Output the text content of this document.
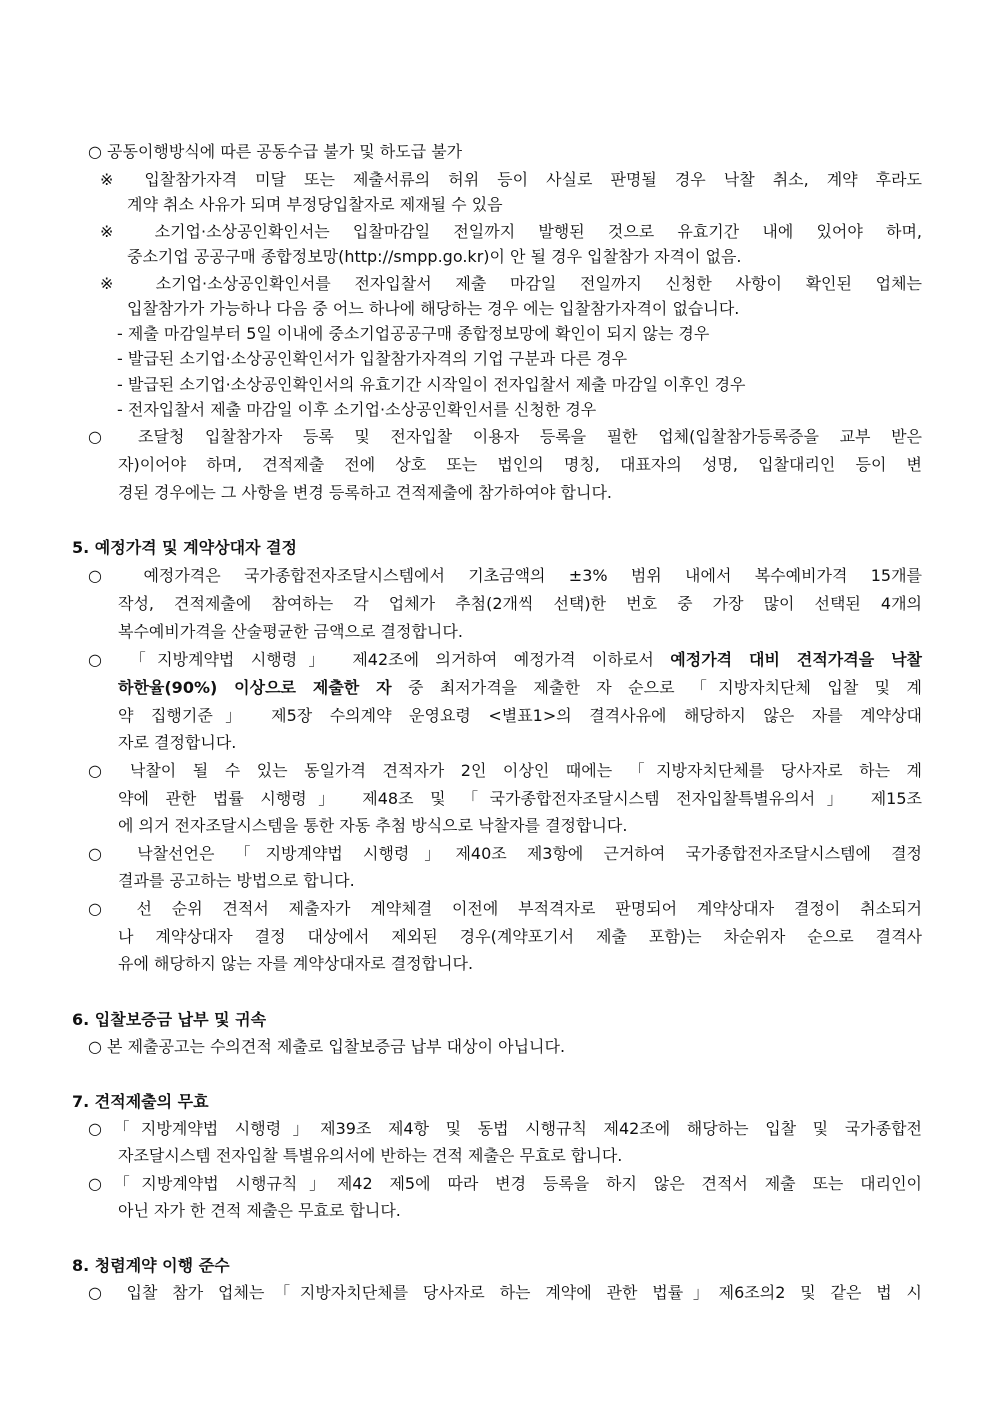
○ 공동이행방식에 따른 공동수급 불가 및 하도급 불가
※ 입찰참가자격 미달 또는 제출서류의 허위 등이 사실로 판명될 경우 낙찰 취소, 계약 후라도
계약 취소 사유가 되며 부정당입찰자로 제재될 수 있음
※ 소기업·소상공인확인서는 입찰마감일 전일까지 발행된 것으로 유효기간 내에 있어야 하며,
중소기업 공공구매 종합정보망(http://smpp.go.kr)이 안 될 경우 입찰참가 자격이 없음.
※ 소기업·소상공인확인서를 전자입찰서 제출 마감일 전일까지 신청한 사항이 확인된 업체는
입찰참가가 가능하나 다음 중 어느 하나에 해당하는 경우 에는 입찰참가자격이 없습니다.
- 제출 마감일부터 5일 이내에 중소기업공공구매 종합정보망에 확인이 되지 않는 경우
- 발급된 소기업·소상공인확인서가 입찰참가자격의 기업 구분과 다른 경우
- 발급된 소기업·소상공인확인서의 유효기간 시작일이 전자입찰서 제출 마감일 이후인 경우
- 전자입찰서 제출 마감일 이후 소기업·소상공인확인서를 신청한 경우
○ 조달청 입찰참가자 등록 및 전자입찰 이용자 등록을 필한 업체(입찰참가등록증을 교부 받은
자)이어야 하며, 견적제출 전에 상호 또는 법인의 명칭, 대표자의 성명, 입찰대리인 등이 변
경된 경우에는 그 사항을 변경 등록하고 견적제출에 참가하여야 합니다.
5. 예정가격 및 계약상대자 결정
○ 예정가격은 국가종합전자조달시스템에서 기초금액의 ±3% 범위 내에서 복수예비가격 15개를
작성, 견적제출에 참여하는 각 업체가 추첨(2개씩 선택)한 번호 중 가장 많이 선택된 4개의
복수예비가격을 산술평균한 금액으로 결정합니다.
○ 「지방계약법 시행령」 제42조에 의거하여 예정가격 이하로서 예정가격 대비 견적가격을 낙찰
하한율(90%) 이상으로 제출한 자 중 최저가격을 제출한 자 순으로 「지방자치단체 입찰 및 계
약 집행기준」 제5장 수의계약 운영요령 <별표1>의 결격사유에 해당하지 않은 자를 계약상대
자로 결정합니다.
○ 낙찰이 될 수 있는 동일가격 견적자가 2인 이상인 때에는 「지방자치단체를 당사자로 하는 계
약에 관한 법률 시행령」 제48조 및 「국가종합전자조달시스템 전자입찰특별유의서」 제15조
에 의거 전자조달시스템을 통한 자동 추첨 방식으로 낙찰자를 결정합니다.
○ 낙찰선언은 「지방계약법 시행령」제40조 제3항에 근거하여 국가종합전자조달시스템에 결정
결과를 공고하는 방법으로 합니다.
○ 선 순위 견적서 제출자가 계약체결 이전에 부적격자로 판명되어 계약상대자 결정이 취소되거
나 계약상대자 결정 대상에서 제외된 경우(계약포기서 제출 포함)는 차순위자 순으로 결격사
유에 해당하지 않는 자를 계약상대자로 결정합니다.
6. 입찰보증금 납부 및 귀속
○ 본 제출공고는 수의견적 제출로 입찰보증금 납부 대상이 아닙니다.
7. 견적제출의 무효
○「지방계약법 시행령」제39조 제4항 및 동법 시행규칙 제42조에 해당하는 입찰 및 국가종합전
자조달시스템 전자입찰 특별유의서에 반하는 견적 제출은 무효로 합니다.
○「지방계약법 시행규칙」제42 제5에 따라 변경 등록을 하지 않은 견적서 제출 또는 대리인이
아닌 자가 한 견적 제출은 무효로 합니다.
8. 청렴계약 이행 준수
○ 입찰 참가 업체는「지방자치단체를 당사자로 하는 계약에 관한 법률」제6조의2 및 같은 법 시
